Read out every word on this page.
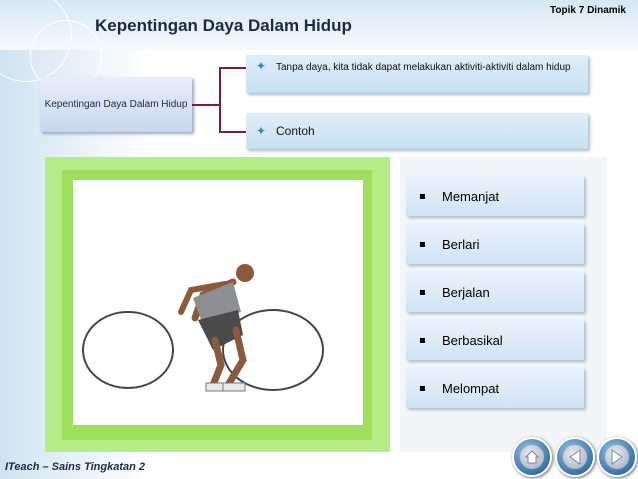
Topik 7 Dinamik
Kepentingan Daya Dalam Hidup
Kepentingan Daya Dalam Hidup
✦ Tanpa daya, kita tidak dapat melakukan aktiviti-aktiviti dalam hidup
✦ Contoh
Memanjat
Berlari
Berjalan
Berbasikal
Melompat
ITeach – Sains Tingkatan 2
